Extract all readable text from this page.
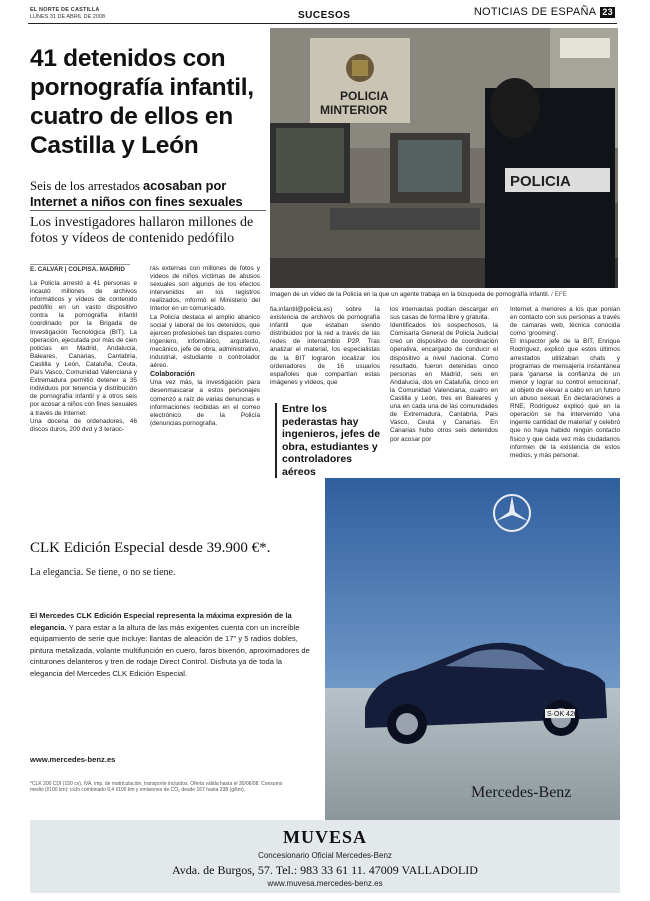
EL NORTE DE CASTILLA
LUNES 31 DE ABRIL DE 2008	SUCESOS	NOTICIAS DE ESPAÑA 23
41 detenidos con pornografía infantil, cuatro de ellos en Castilla y León
Seis de los arrestados acosaban por
Internet a niños con fines sexuales
Los investigadores hallaron millones de fotos y vídeos de contenido pedófilo
POLICIA
MINTERIOR
POLICIA
Imagen de un vídeo de la Policía en la que un agente trabaja en la búsqueda de pornografía infantil. / EFE
E. CALVAR | COLPISA. MADRID

La Policía arrestó a 41 personas e incautó millones de archivos informáticos y vídeos de contenido pedófilo en un vasto dispositivo contra la pornografía infantil coordinado por la Brigada de Investigación Tecnológica (BIT). La operación, ejecutada por más de cien policías en Madrid, Andalucía, Baleares, Canarias, Cantabria, Castilla y León, Cataluña, Ceuta, País Vasco, Comunidad Valenciana y Extremadura permitió detener a 35 individuos por tenencia y distribución de pornografía infantil y a otros seis por acosar a niños con fines sexuales a través de Internet.

Una docena de ordenadores, 46 discos duros, 200 dvd y 3 teraoc-

ras externas con millones de fotos y vídeos de niños víctimas de abusos sexuales son algunos de los efectos intervenidos en los registros realizados, informó el Ministerio del Interior en un comunicado.

La Policía destaca el amplio abanico social y laboral de los detenidos, que ejercen profesiones tan dispares como ingeniero, informático, arquitecto, mecánico, jefe de obra, administrativo, industrial, estudiante o controlador aéreo.

Colaboración

Una vez más, la investigación para desenmascarar a estos personajes comenzó a raíz de varias denuncias e informaciones recibidas en el correo electrónico de la Policía (denuncias.pornografia.

fia.infantil@policia.es) sobre la existencia de archivos de pornografía infantil que estaban siendo distribuidos por la red a través de las redes de intercambio P2P. Tras analizar el material, los especialistas de la BIT lograron localizar los ordenadores de 16 usuarios españoles que compartían estas imágenes y vídeos, que

Entre los pederastas hay ingenieros, jefes de obra, estudiantes y controladores aéreos

los internautas podían descargar en sus casas de forma libre y gratuita.

Identificados los sospechosos, la Comisaría General de Policía Judicial creó un dispositivo de coordinación operativa, encargado de conducir el dispositivo a nivel nacional. Como resultado, fueron detenidas cinco personas en Madrid, seis en Andalucía, dos en Cataluña, cinco en la Comunidad Valenciana, cuatro en Castilla y León, tres en Baleares y una en cada una de las comunidades de Extremadura, Cantabria, País Vasco, Ceuta y Canarias. En Canarias hubo otros seis detenidos por acosar por

Internet a menores a los que ponían en contacto con sus personas a través de camaras web, técnica conocida como 'grooming'.

El inspector jefe de la BIT, Enrique Rodríguez, explicó que estos últimos arrestados utilizaban chats y programas de mensajería instantánea para 'ganarse la confianza de un menor y lograr su control emocional', al objeto de elevar a cabo en un futuro un abuso sexual. En declaraciones a RNE, Rodríguez explicó que en la operación se ha intervenido 'una ingente cantidad de material' y celebró que no haya habido ningún contacto físico y que cada vez más ciudadanos informen de la existencia de estos medios, y más personal.

CLK Edición Especial desde 39.900 €*.
La elegancia. Se tiene, o no se tiene.
El Mercedes CLK Edición Especial representa la máxima expresión de la elegancia. Y para estar a la altura de las más exigentes cuenta con un increíble equipamiento de serie que incluye: llantas de aleación de 17" y 5 radios dobles, pintura metalizada, volante multifunción en cuero, faros bixenón, aproximadores de cinturones delanteros y tren de rodaje Direct Control. Disfruta ya de toda la elegancia del Mercedes CLK Edición Especial.
www.mercedes-benz.es
*CLK 200 CDI (150 cv). IVA, imp. de matriculación, transporte incluidos. Oferta válida hasta el 30/06/08. Consumo medio (l/100 km): ciclo combinado 6,4 l/100 km y emisiones de CO₂ desde 167 hasta 238 (g/km).
S·OK 420
Mercedes-Benz
MUVESA
Concesionario Oficial Mercedes-Benz
Avda. de Burgos, 57. Tel.: 983 33 61 11. 47009 VALLADOLID
www.muvesa.mercedes-benz.es
